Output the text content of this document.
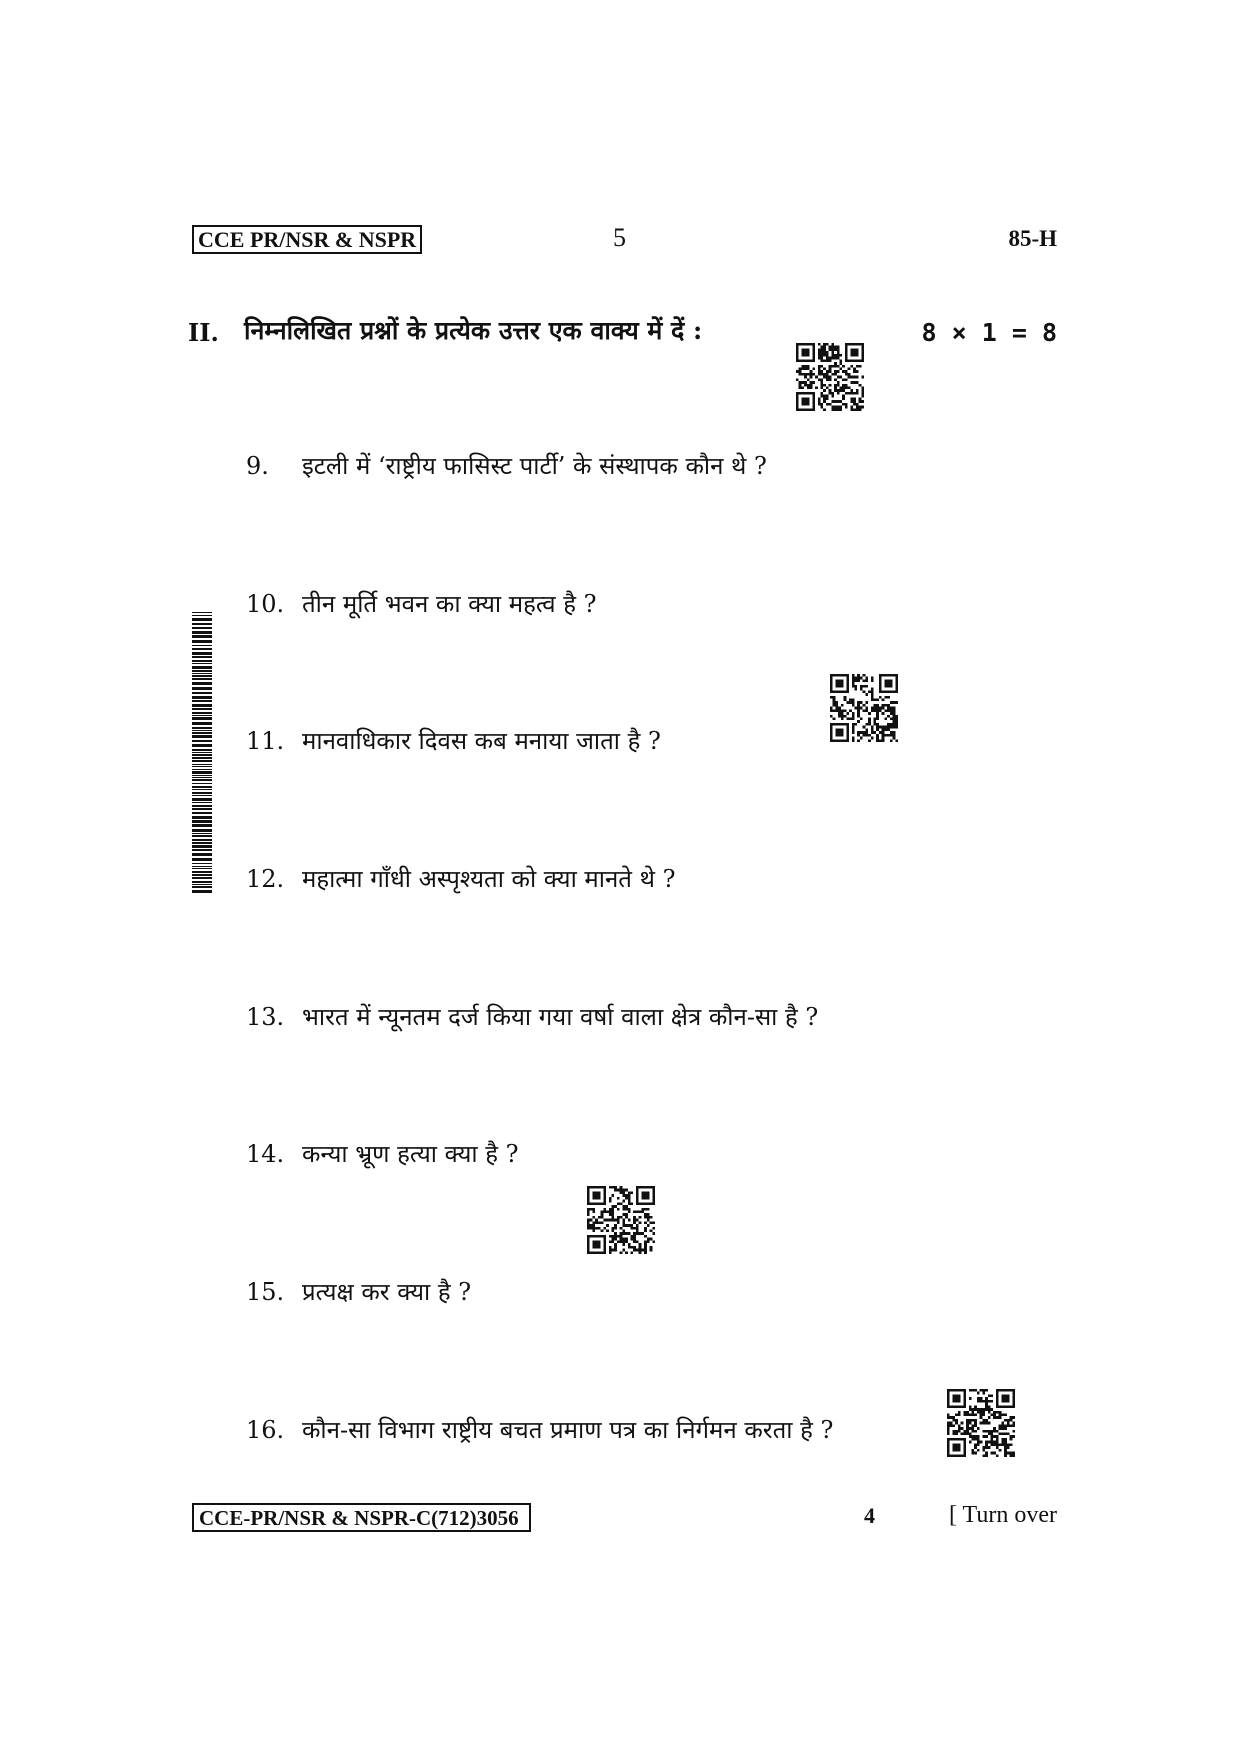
CCE PR/NSR & NSPR	5	85-H
II. निम्नलिखित प्रश्नों के प्रत्येक उत्तर एक वाक्य में दें :	8 × 1 = 8
9. इटली में ‘राष्ट्रीय फासिस्ट पार्टी’ के संस्थापक कौन थे ?
10. तीन मूर्ति भवन का क्या महत्व है ?
11. मानवाधिकार दिवस कब मनाया जाता है ?
12. महात्मा गाँधी अस्पृश्यता को क्या मानते थे ?
13. भारत में न्यूनतम दर्ज किया गया वर्षा वाला क्षेत्र कौन-सा है ?
14. कन्या भ्रूण हत्या क्या है ?
15. प्रत्यक्ष कर क्या है ?
16. कौन-सा विभाग राष्ट्रीय बचत प्रमाण पत्र का निर्गमन करता है ?
CCE-PR/NSR & NSPR-C(712)3056	4	[ Turn over
